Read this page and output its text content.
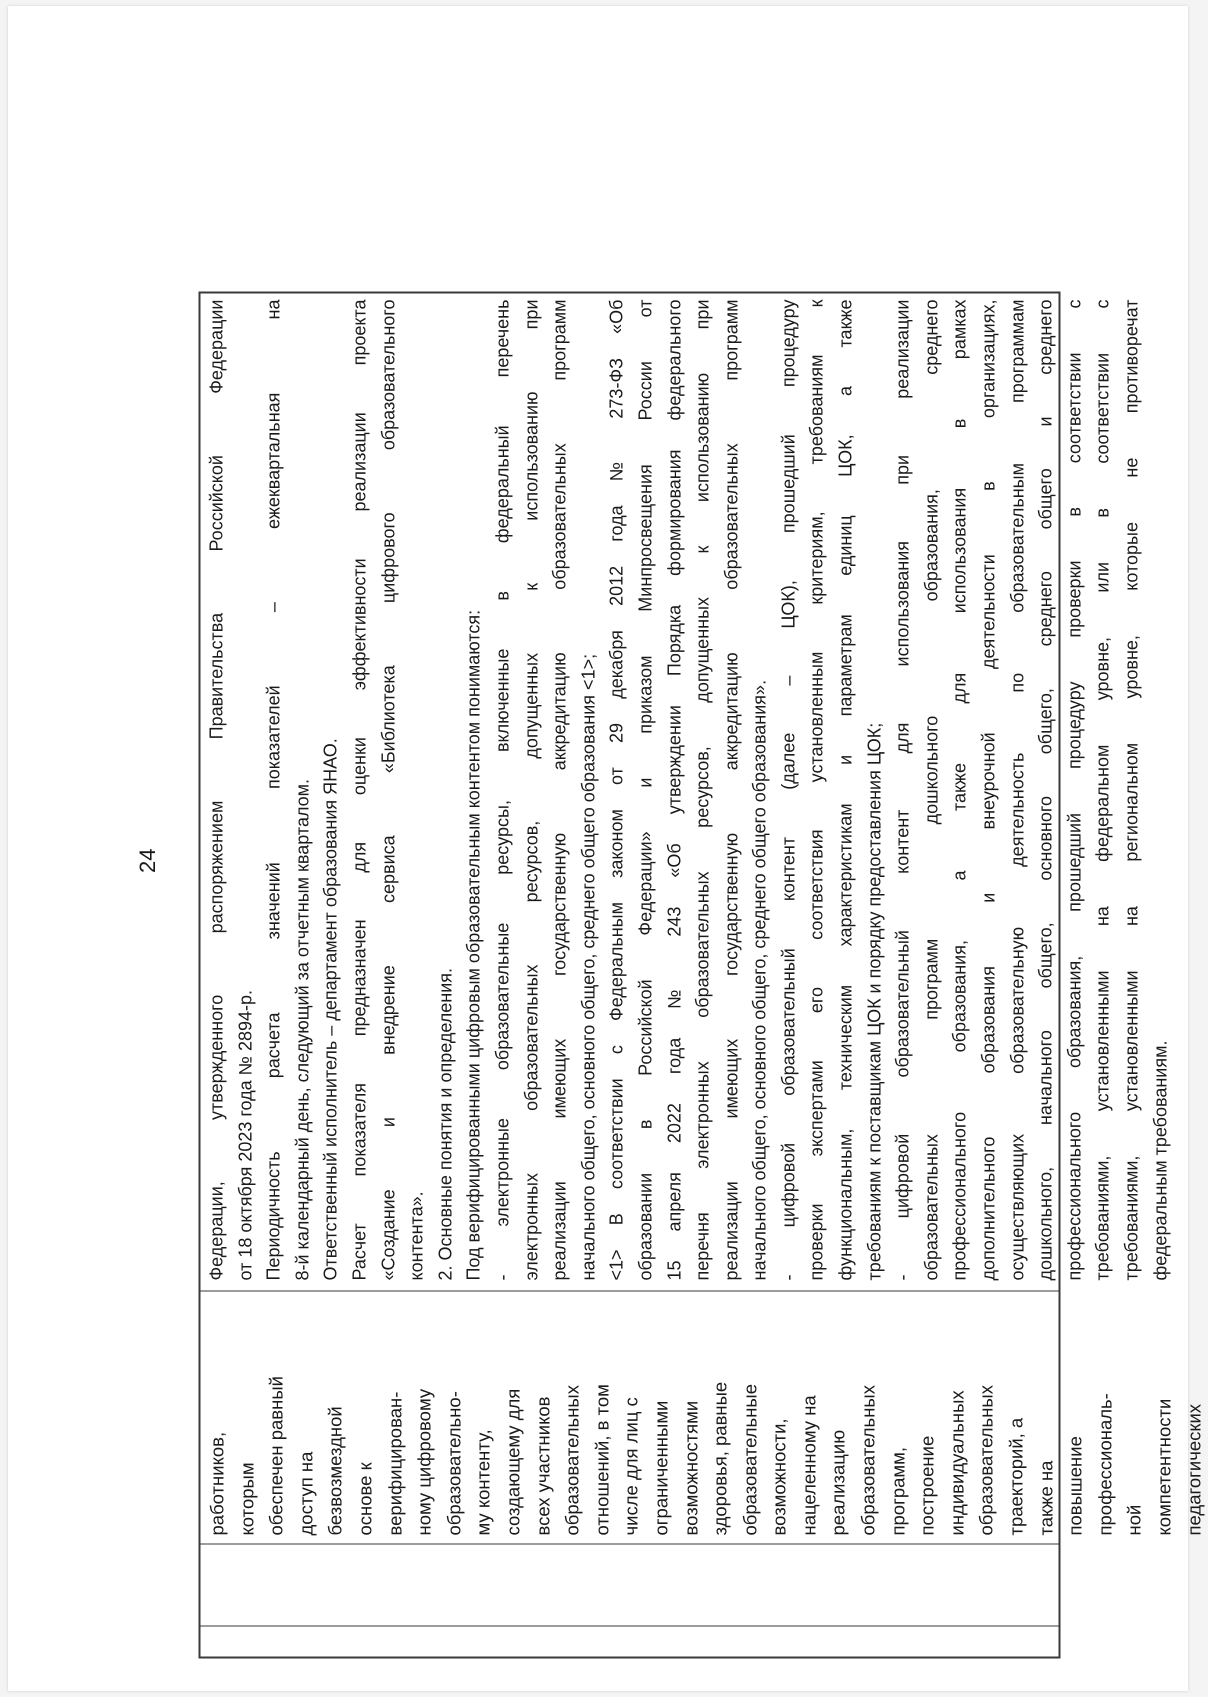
24
работников, которым обеспечен равный доступ на безвозмездной основе к верифицирован- ному цифровому образовательно- му контенту, создающему для всех участников образовательных отношений, в том числе для лиц с ограниченными возможностями здоровья, равные образовательные возможности, нацеленному на реализацию образовательных программ, построение индивидуальных образовательных траекторий, а также на повышение профессиональ- ной компетентности педагогических
Федерации, утвержденного распоряжением Правительства Российской Федерации от 18 октября 2023 года № 2894-р. Периодичность расчета значений показателей – ежеквартальная на 8-й календарный день, следующий за отчетным кварталом. Ответственный исполнитель – департамент образования ЯНАО. Расчет показателя предназначен для оценки эффективности реализации проекта «Создание и внедрение сервиса «Библиотека цифрового образовательного контента». 2. Основные понятия и определения. Под верифицированными цифровым образовательным контентом понимаются: - электронные образовательные ресурсы, включенные в федеральный перечень электронных образовательных ресурсов, допущенных к использованию при реализации имеющих государственную аккредитацию образовательных программ начального общего, основного общего, среднего общего образования <1>; <1> В соответствии с Федеральным законом от 29 декабря 2012 года № 273-ФЗ «Об образовании в Российской Федерации» и приказом Минпросвещения России от 15 апреля 2022 года № 243 «Об утверждении Порядка формирования федерального перечня электронных образовательных ресурсов, допущенных к использованию при реализации имеющих государственную аккредитацию образовательных программ начального общего, основного общего, среднего общего образования». - цифровой образовательный контент (далее – ЦОК), прошедший процедуру проверки экспертами его соответствия установленным критериям, требованиям к функциональным, техническим характеристикам и параметрам единиц ЦОК, а также требованиям к поставщикам ЦОК и порядку предоставления ЦОК; - цифровой образовательный контент для использования при реализации образовательных программ дошкольного образования, среднего профессионального образования, а также для использования в рамках дополнительного образования и внеурочной деятельности в организациях, осуществляющих образовательную деятельность по образовательным программам дошкольного, начального общего, основного общего, среднего общего и среднего профессионального образования, прошедший процедуру проверки в соответствии с требованиями, установленными на федеральном уровне, или в соответствии с требованиями, установленными на региональном уровне, которые не противоречат федеральным требованиям.
